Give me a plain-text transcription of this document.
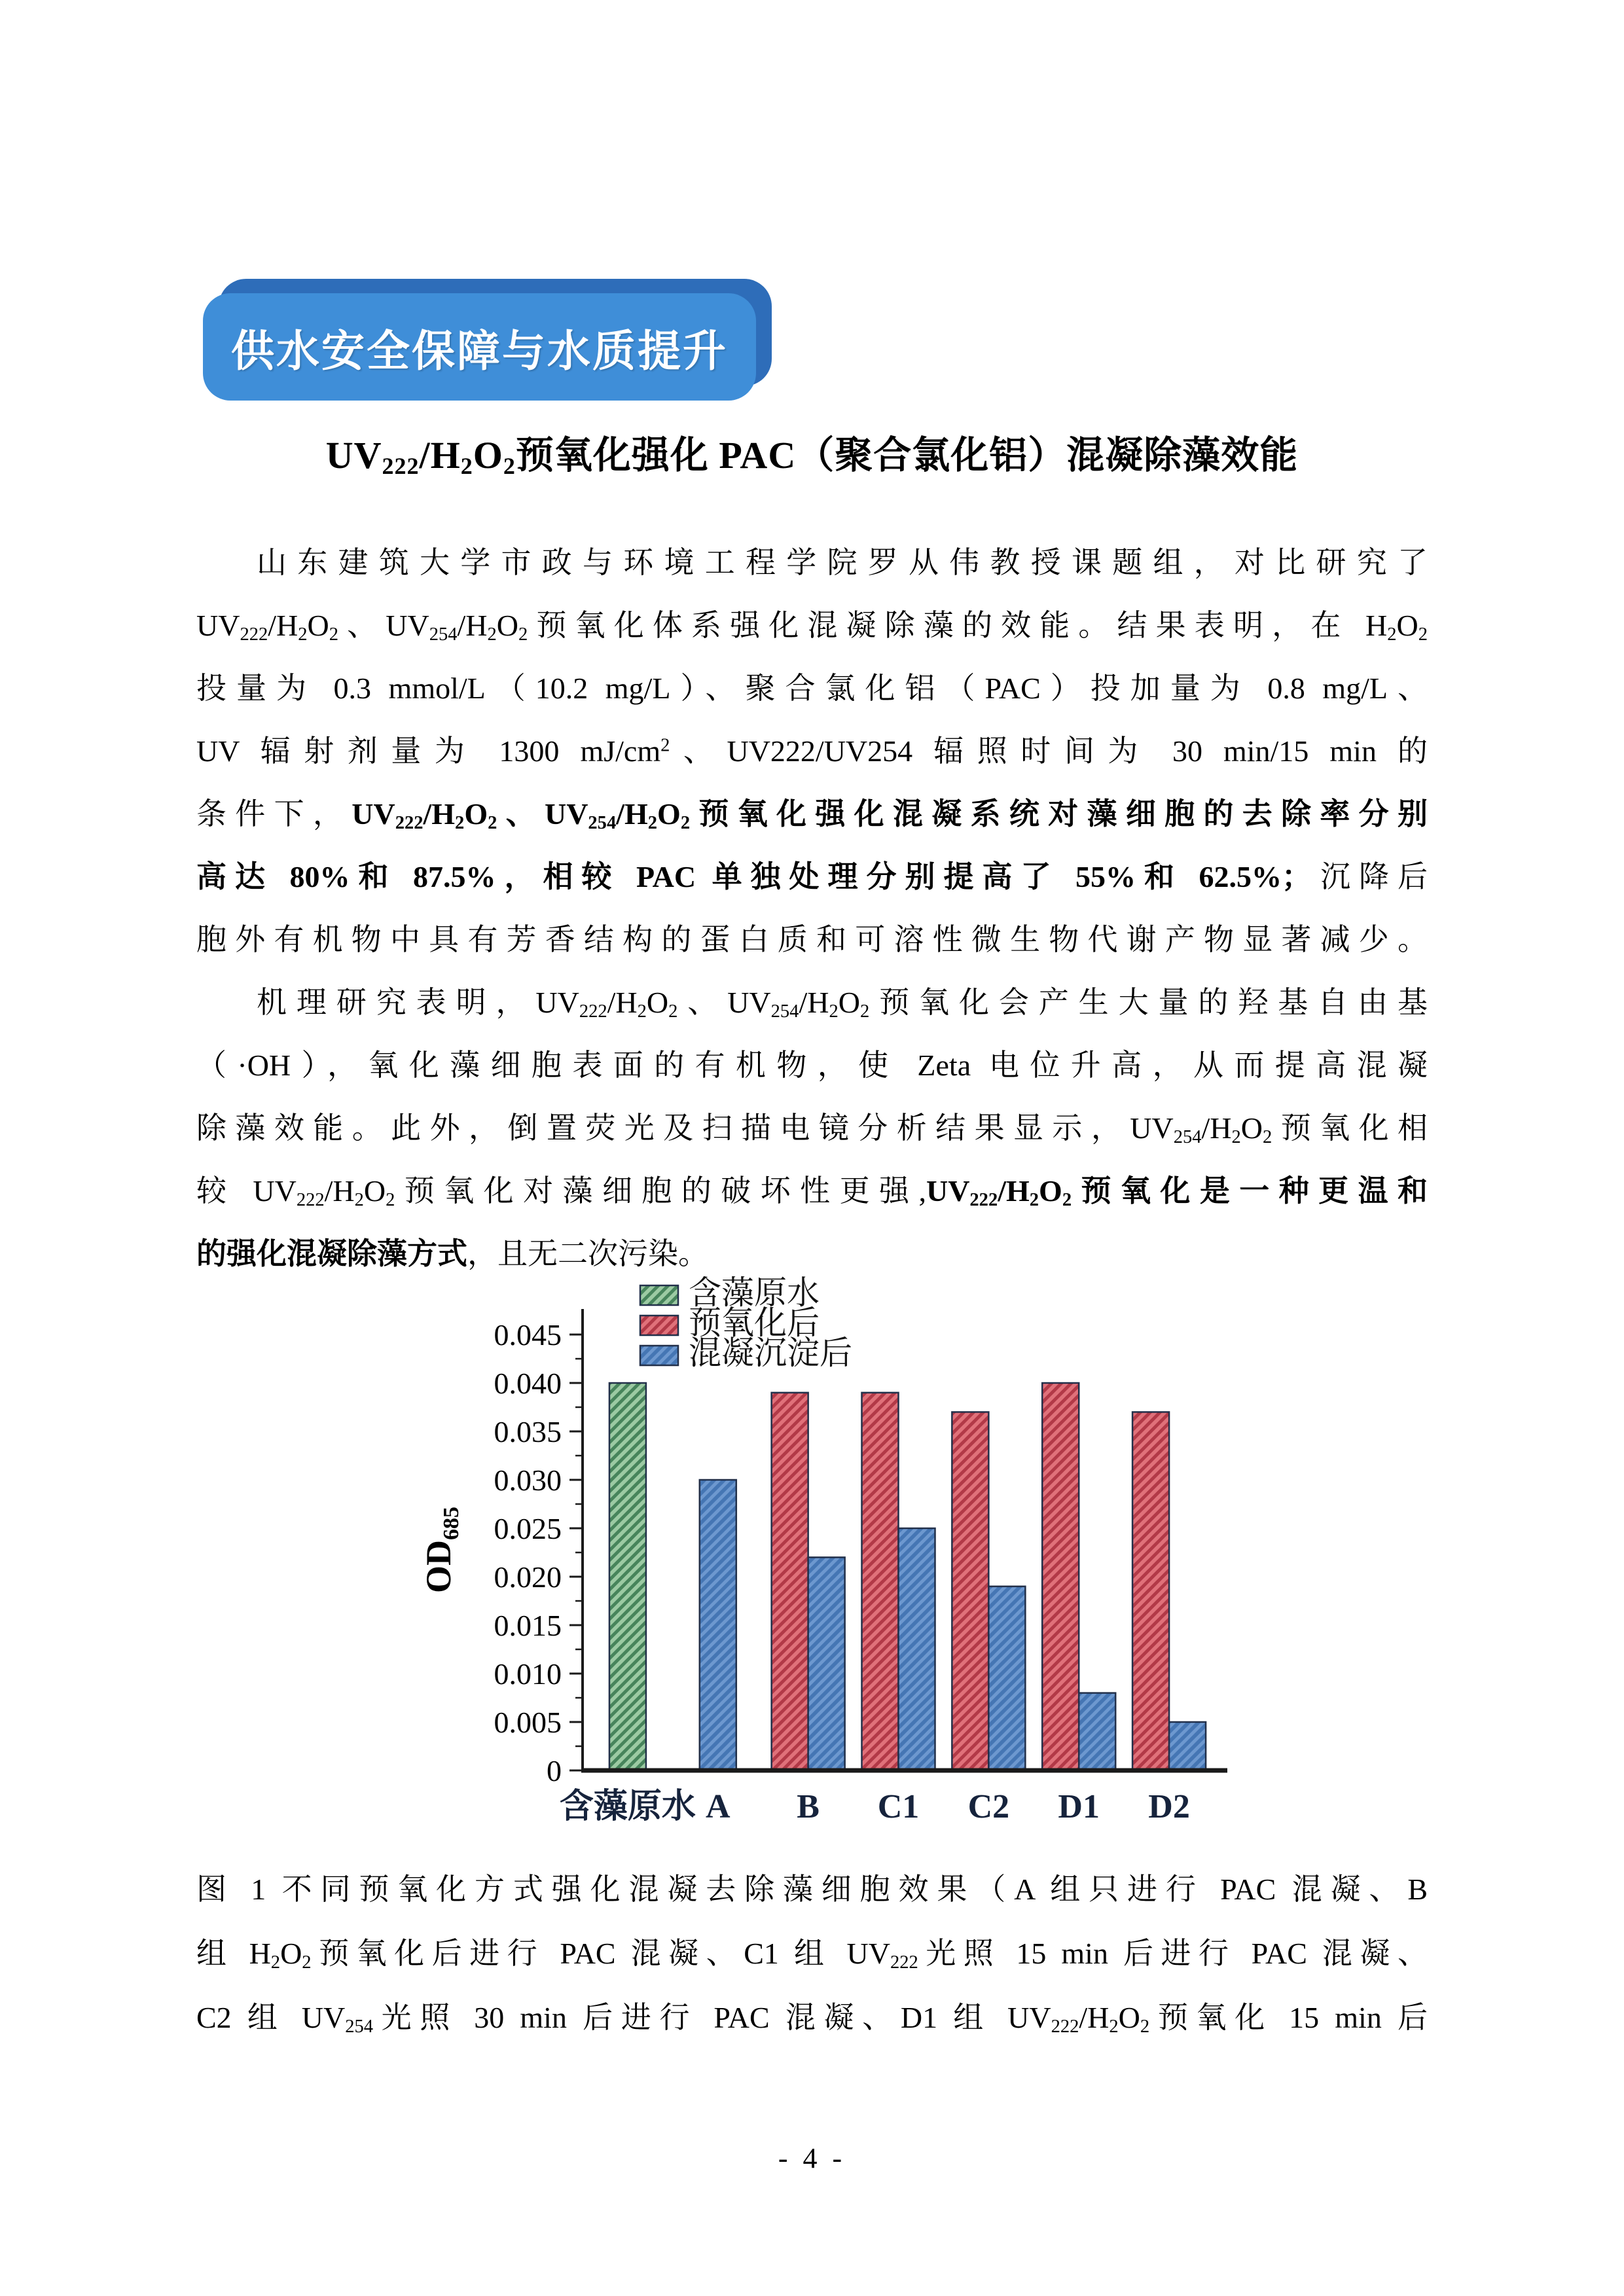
供水安全保障与水质提升
$UV_{222}/H_2O_2$预氧化强化 PAC（聚合氯化铝）混凝除藻效能
山东建筑大学市政与环境工程学院罗从伟教授课题组，对比研究了
$UV_{222}/H_2O_2$、$UV_{254}/H_2O_2$预氧化体系强化混凝除藻的效能。结果表明，在 $H_2O_2$
投量为 0.3 mmol/L（10.2 mg/L）、聚合氯化铝（PAC）投加量为 0.8 mg/L、
UV 辐射剂量为 1300 $mJ/cm^2$、UV222/UV254 辐照时间为 30 min/15 min 的
条件下，$UV_{222}/H_2O_2$、$UV_{254}/H_2O_2$预氧化强化混凝系统对藻细胞的去除率分别
高达 80%和 87.5%，相较 PAC 单独处理分别提高了 55%和 62.5%；沉降后
胞外有机物中具有芳香结构的蛋白质和可溶性微生物代谢产物显著减少。
机理研究表明，$UV_{222}/H_2O_2$、$UV_{254}/H_2O_2$预氧化会产生大量的羟基自由基
（·OH），氧化藻细胞表面的有机物，使 Zeta 电位升高，从而提高混凝
除藻效能。此外，倒置荧光及扫描电镜分析结果显示，$UV_{254}/H_2O_2$预氧化相
较 $UV_{222}/H_2O_2$预氧化对藻细胞的破坏性更强$,UV_{222}/H_2O_2$预氧化是一种更温和
的强化混凝除藻方式，且无二次污染。
0
0.005
0.010
0.015
0.020
0.025
0.030
0.035
0.040
0.045
含藻原水 A B C1 C2 D1 D2
$OD_{685}$
含藻原水
预氧化后
混凝沉淀后
图 1 不同预氧化方式强化混凝去除藻细胞效果（A 组只进行 PAC 混凝、B
组 $H_2O_2$预氧化后进行 PAC 混凝、C1 组 $UV_{222}$光照 15 min 后进行 PAC 混凝、
C2 组 $UV_{254}$光照 30 min 后进行 PAC 混凝、D1 组 $UV_{222}/H_2O_2$预氧化 15 min 后
- 4 -
